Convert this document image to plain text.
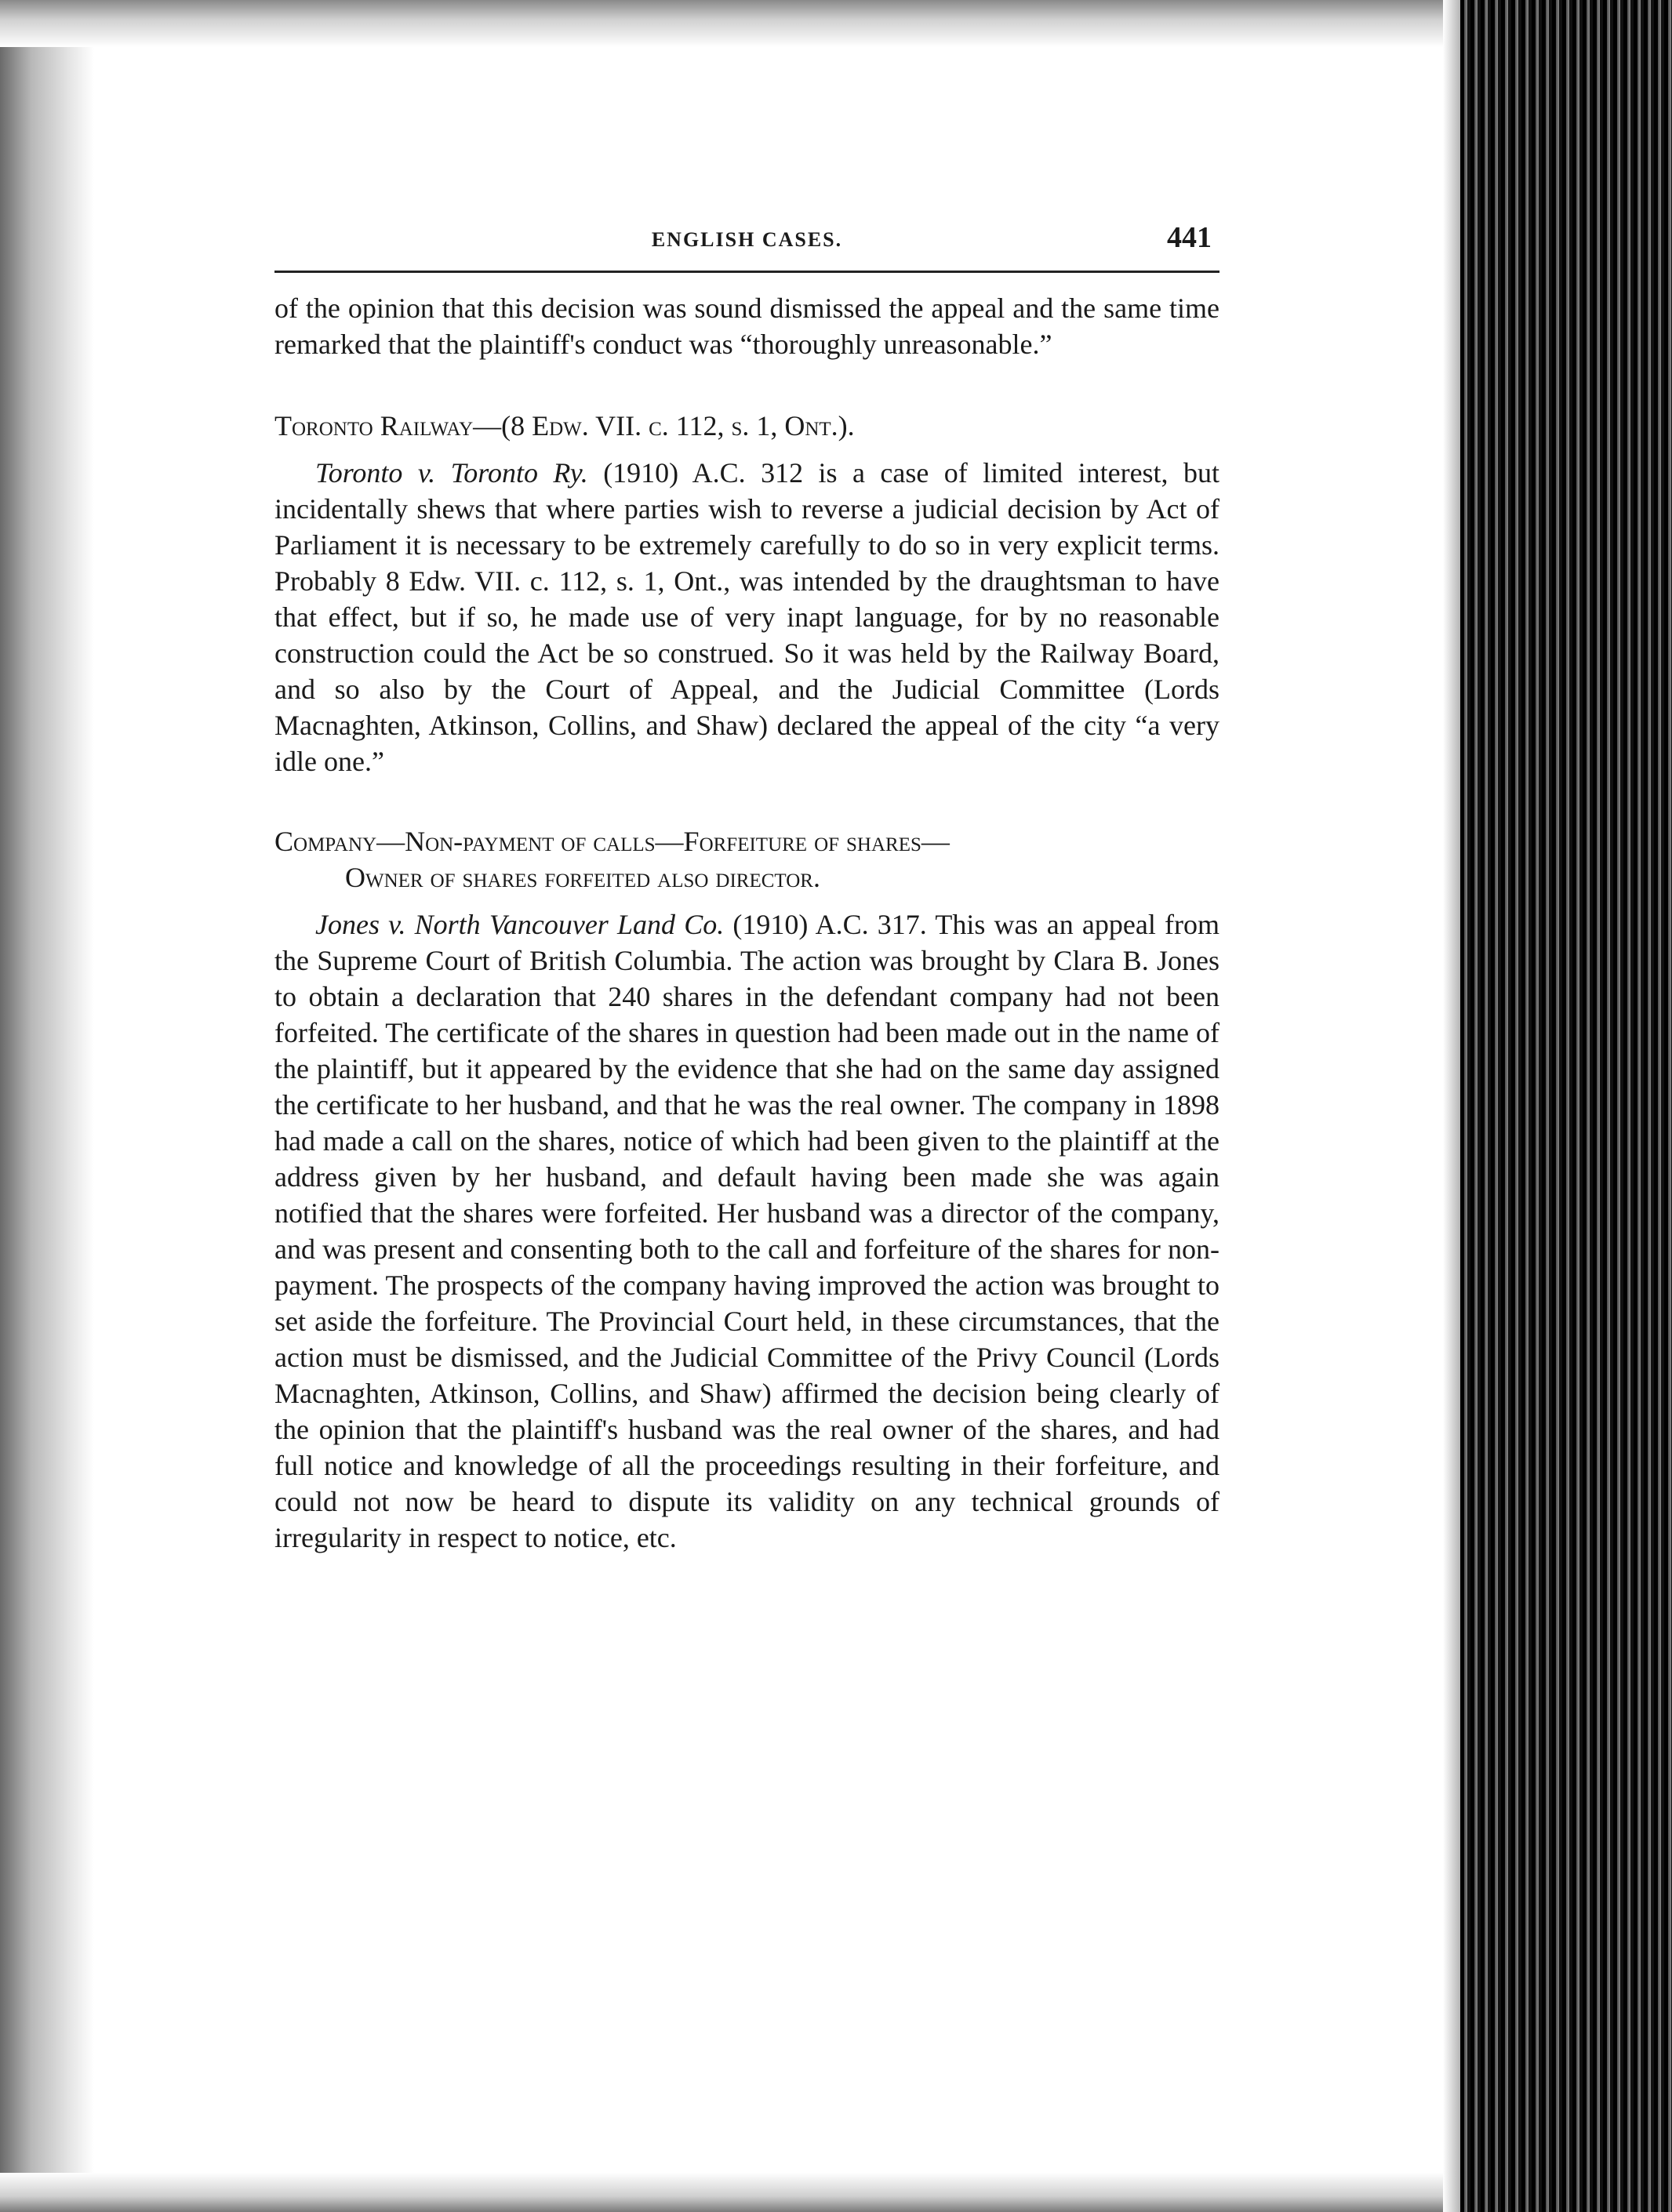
ENGLISH CASES.	441

of the opinion that this decision was sound dismissed the appeal and the same time remarked that the plaintiff's conduct was “thoroughly unreasonable.”

Toronto Railway—(8 Edw. VII. c. 112, s. 1, Ont.).

Toronto v. Toronto Ry. (1910) A.C. 312 is a case of limited interest, but incidentally shews that where parties wish to reverse a judicial decision by Act of Parliament it is necessary to be extremely carefully to do so in very explicit terms. Probably 8 Edw. VII. c. 112, s. 1, Ont., was intended by the draughtsman to have that effect, but if so, he made use of very inapt language, for by no reasonable construction could the Act be so construed. So it was held by the Railway Board, and so also by the Court of Appeal, and the Judicial Committee (Lords Macnaghten, Atkinson, Collins, and Shaw) declared the appeal of the city “a very idle one.”

Company—Non-payment of calls—Forfeiture of shares—
Owner of shares forfeited also director.

Jones v. North Vancouver Land Co. (1910) A.C. 317. This was an appeal from the Supreme Court of British Columbia. The action was brought by Clara B. Jones to obtain a declaration that 240 shares in the defendant company had not been forfeited. The certificate of the shares in question had been made out in the name of the plaintiff, but it appeared by the evidence that she had on the same day assigned the certificate to her husband, and that he was the real owner. The company in 1898 had made a call on the shares, notice of which had been given to the plaintiff at the address given by her husband, and default having been made she was again notified that the shares were forfeited. Her husband was a director of the company, and was present and consenting both to the call and forfeiture of the shares for non-payment. The prospects of the company having improved the action was brought to set aside the forfeiture. The Provincial Court held, in these circumstances, that the action must be dismissed, and the Judicial Committee of the Privy Council (Lords Macnaghten, Atkinson, Collins, and Shaw) affirmed the decision being clearly of the opinion that the plaintiff's husband was the real owner of the shares, and had full notice and knowledge of all the proceedings resulting in their forfeiture, and could not now be heard to dispute its validity on any technical grounds of irregularity in respect to notice, etc.
